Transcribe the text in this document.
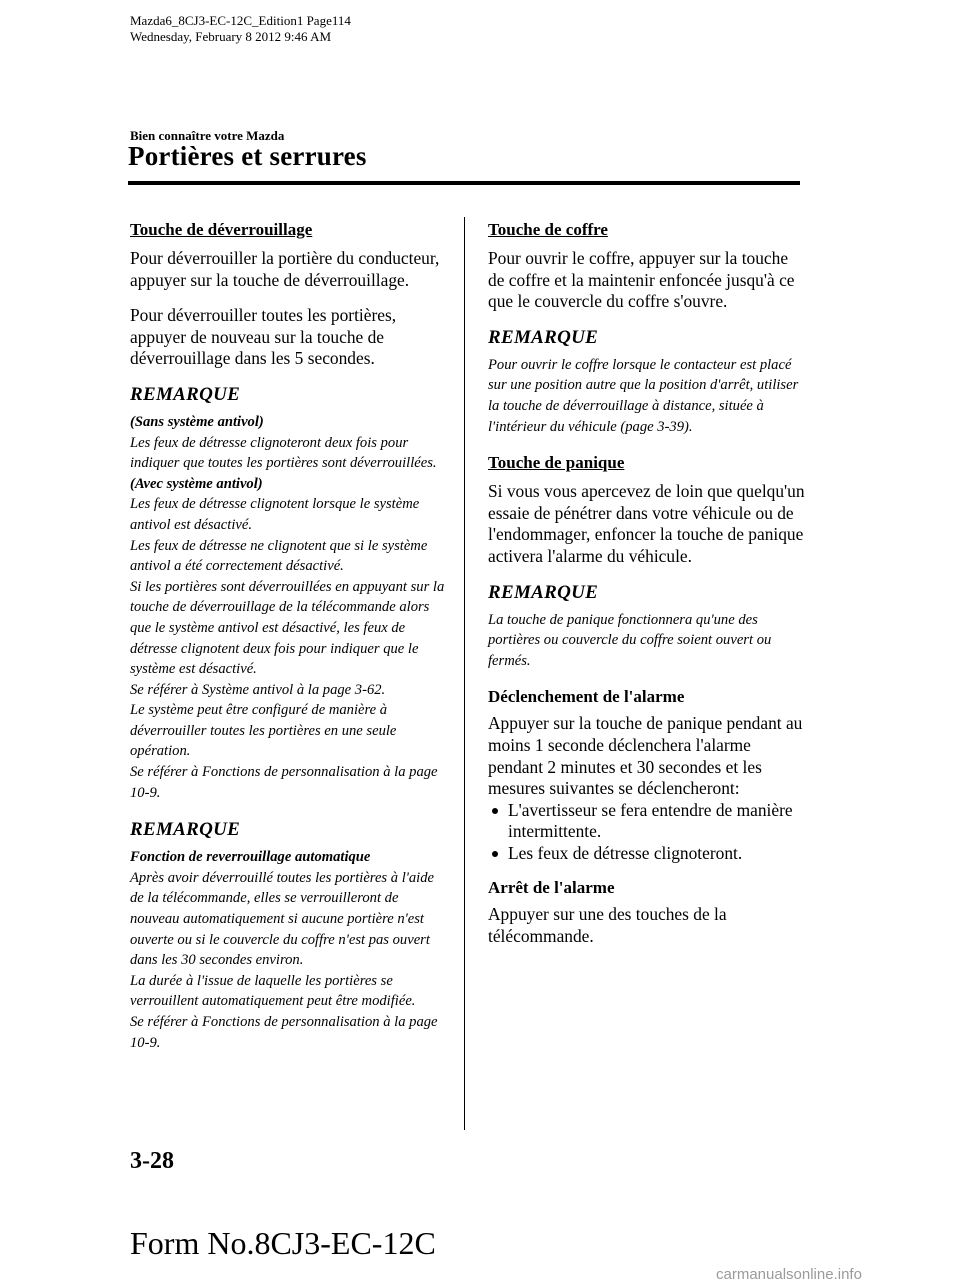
Mazda6_8CJ3-EC-12C_Edition1 Page114
Wednesday, February 8 2012 9:46 AM
Bien connaître votre Mazda
Portières et serrures
Touche de déverrouillage

Pour déverrouiller la portière du conducteur, appuyer sur la touche de déverrouillage.

Pour déverrouiller toutes les portières, appuyer de nouveau sur la touche de déverrouillage dans les 5 secondes.

REMARQUE

(Sans système antivol)

Les feux de détresse clignoteront deux fois pour indiquer que toutes les portières sont déverrouillées.

(Avec système antivol)

Les feux de détresse clignotent lorsque le système antivol est désactivé.

Les feux de détresse ne clignotent que si le système antivol a été correctement désactivé.

Si les portières sont déverrouillées en appuyant sur la touche de déverrouillage de la télécommande alors que le système antivol est désactivé, les feux de détresse clignotent deux fois pour indiquer que le système est désactivé.

Se référer à Système antivol à la page 3-62.

Le système peut être configuré de manière à déverrouiller toutes les portières en une seule opération.

Se référer à Fonctions de personnalisation à la page 10-9.

REMARQUE

Fonction de reverrouillage automatique

Après avoir déverrouillé toutes les portières à l'aide de la télécommande, elles se verrouilleront de nouveau automatiquement si aucune portière n'est ouverte ou si le couvercle du coffre n'est pas ouvert dans les 30 secondes environ.

La durée à l'issue de laquelle les portières se verrouillent automatiquement peut être modifiée.

Se référer à Fonctions de personnalisation à la page 10-9.

Touche de coffre

Pour ouvrir le coffre, appuyer sur la touche de coffre et la maintenir enfoncée jusqu'à ce que le couvercle du coffre s'ouvre.

REMARQUE

Pour ouvrir le coffre lorsque le contacteur est placé sur une position autre que la position d'arrêt, utiliser la touche de déverrouillage à distance, située à l'intérieur du véhicule (page 3-39).

Touche de panique

Si vous vous apercevez de loin que quelqu'un essaie de pénétrer dans votre véhicule ou de l'endommager, enfoncer la touche de panique activera l'alarme du véhicule.

REMARQUE

La touche de panique fonctionnera qu'une des portières ou couvercle du coffre soient ouvert ou fermés.

Déclenchement de l'alarme

Appuyer sur la touche de panique pendant au moins 1 seconde déclenchera l'alarme pendant 2 minutes et 30 secondes et les mesures suivantes se déclencheront:

L'avertisseur se fera entendre de manière intermittente.
Les feux de détresse clignoteront.
Arrêt de l'alarme

Appuyer sur une des touches de la télécommande.

3-28
Form No.8CJ3-EC-12C
carmanualsonline.info
